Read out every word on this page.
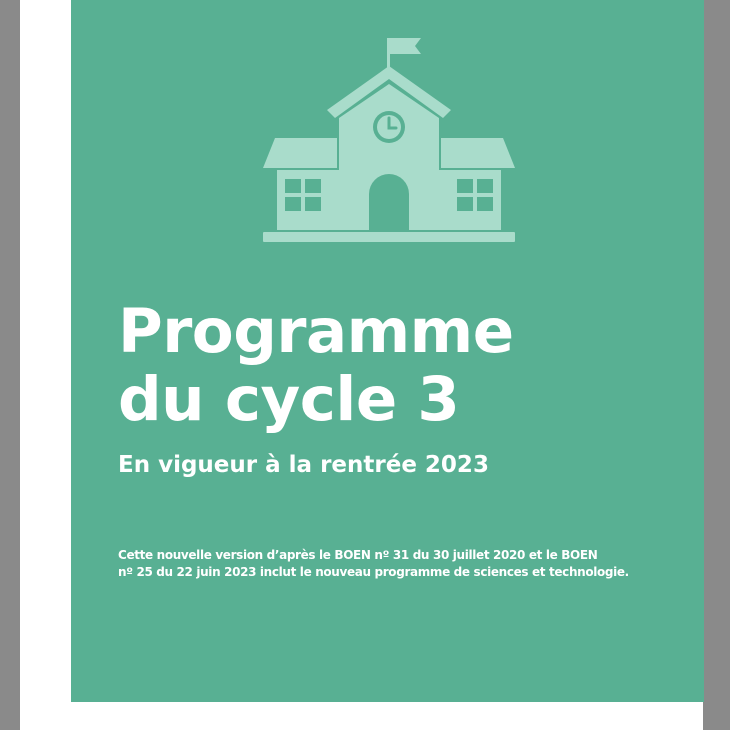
Programme
du cycle 3

En vigueur à la rentrée 2023

Cette nouvelle version d’après le BOEN nº 31 du 30 juillet 2020 et le BOEN
nº 25 du 22 juin 2023 inclut le nouveau programme de sciences et technologie.
